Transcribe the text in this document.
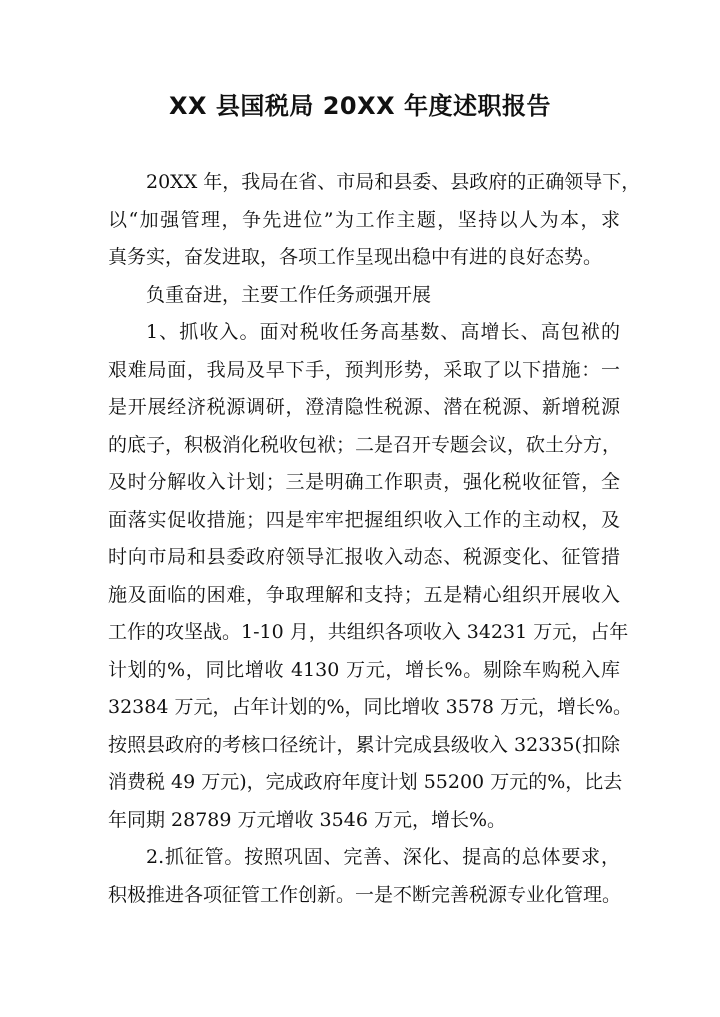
XX 县国税局 20XX 年度述职报告
20XX 年，我局在省、市局和县委、县政府的正确领导下，
以“加强管理，争先进位”为工作主题，坚持以人为本，求
真务实，奋发进取，各项工作呈现出稳中有进的良好态势。
负重奋进，主要工作任务顽强开展
1、抓收入。面对税收任务高基数、高增长、高包袱的
艰难局面，我局及早下手，预判形势，采取了以下措施：一
是开展经济税源调研，澄清隐性税源、潜在税源、新增税源
的底子，积极消化税收包袱；二是召开专题会议，砍土分方，
及时分解收入计划；三是明确工作职责，强化税收征管，全
面落实促收措施；四是牢牢把握组织收入工作的主动权，及
时向市局和县委政府领导汇报收入动态、税源变化、征管措
施及面临的困难，争取理解和支持；五是精心组织开展收入
工作的攻坚战。1-10 月，共组织各项收入 34231 万元，占年
计划的%，同比增收 4130 万元，增长%。剔除车购税入库
32384 万元，占年计划的%，同比增收 3578 万元，增长%。
按照县政府的考核口径统计，累计完成县级收入 32335(扣除
消费税 49 万元)，完成政府年度计划 55200 万元的%，比去
年同期 28789 万元增收 3546 万元，增长%。
2.抓征管。按照巩固、完善、深化、提高的总体要求，
积极推进各项征管工作创新。一是不断完善税源专业化管理。
